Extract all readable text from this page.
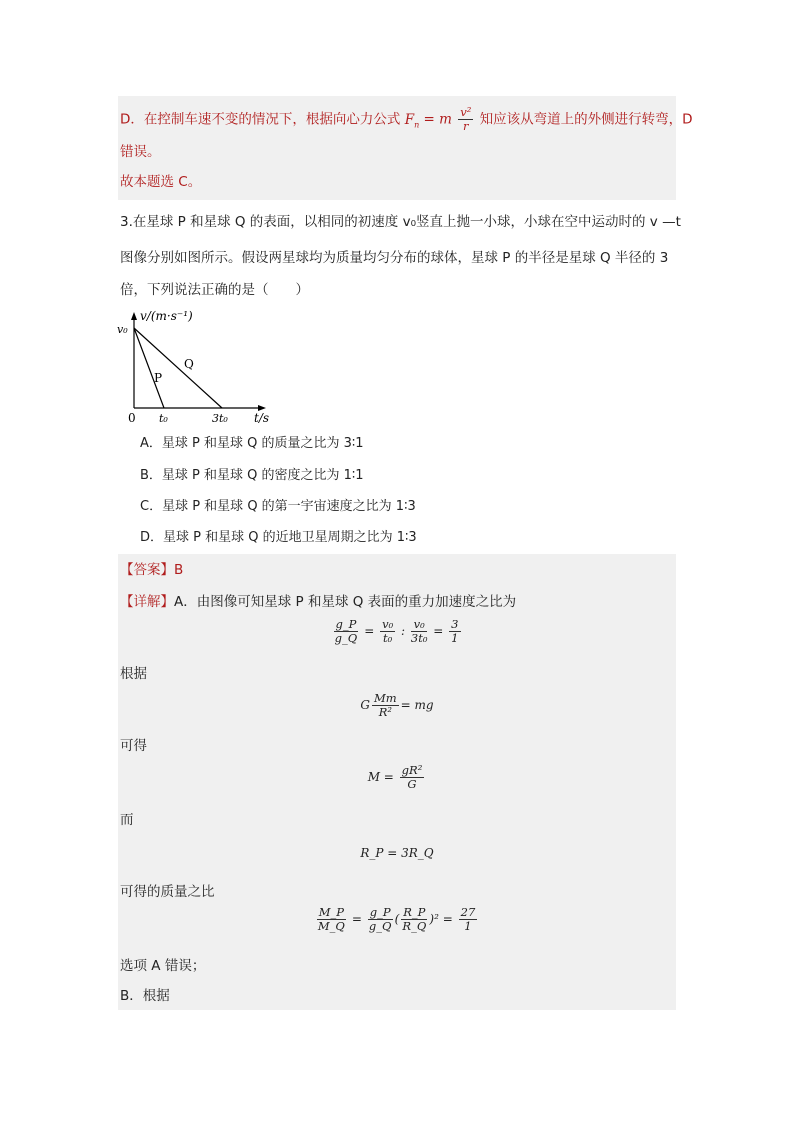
D．在控制车速不变的情况下，根据向心力公式 $F_n = m \frac{\text{v²}}{r}$ 知应该从弯道上的外侧进行转弯，D
错误。
故本题选 C。
3.在星球 P 和星球 Q 的表面，以相同的初速度 v₀竖直上抛一小球，小球在空中运动时的 v —t
图像分别如图所示。假设两星球均为质量均匀分布的球体，星球 P 的半径是星球 Q 半径的 3
倍，下列说法正确的是（　　）
v/(m·s⁻¹)
v₀
0 t₀	3t₀ t/s
P
Q
A．星球 P 和星球 Q 的质量之比为 3∶1
B．星球 P 和星球 Q 的密度之比为 1∶1
C．星球 P 和星球 Q 的第一宇宙速度之比为 1∶3
D．星球 P 和星球 Q 的近地卫星周期之比为 1∶3
【答案】B
【详解】A．由图像可知星球 P 和星球 Q 表面的重力加速度之比为
$\frac{g\_P}{g\_Q} = \frac{\text{v₀}}{\text{t₀}}$ : $\frac{\text{v₀}}{\text{3t₀}} = \frac{3}{1}$
根据
G $\frac{Mm}{\text{R²}}$ = mg
可得
$M = \frac{\text{gR²}}{G}$
而
R_P = 3R_Q
可得的质量之比
$\frac{M\_P}{M\_Q} = \frac{g\_P}{g\_Q}$ ( $\frac{R\_P}{R\_Q} )^2 = \frac{27}{1}$
选项 A 错误；
B．根据
